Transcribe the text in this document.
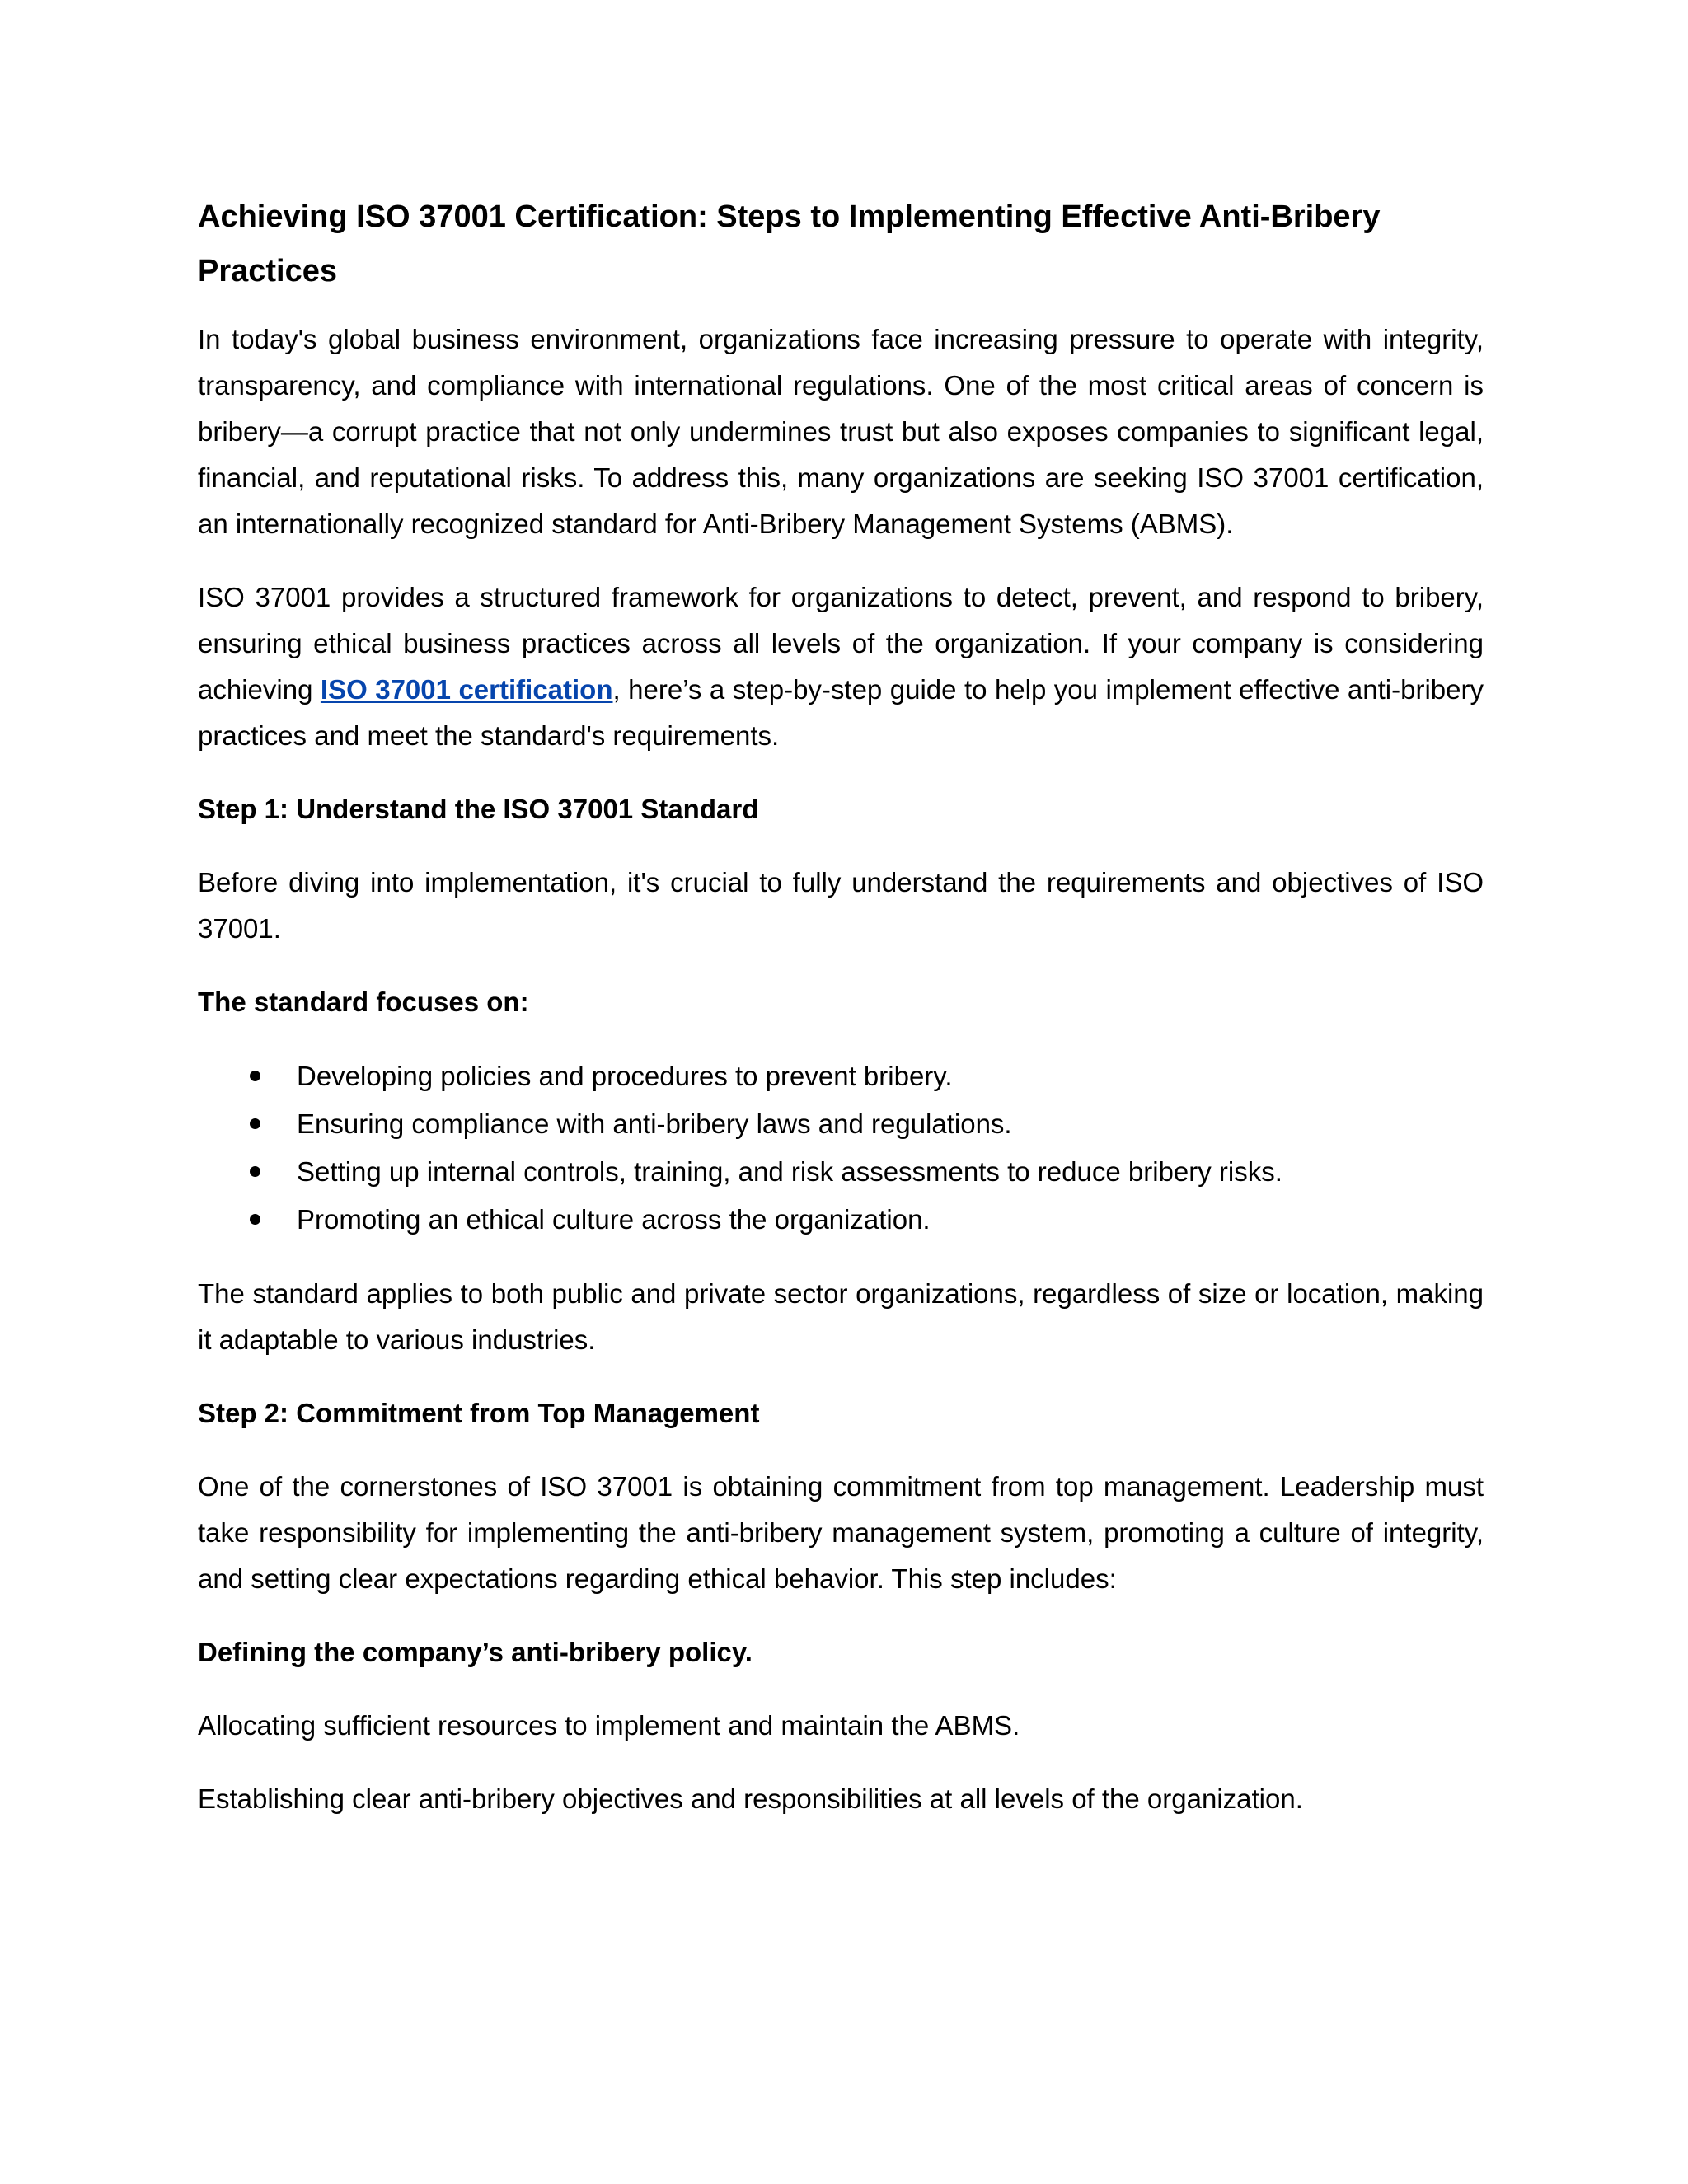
Achieving ISO 37001 Certification: Steps to Implementing Effective Anti-Bribery Practices

In today's global business environment, organizations face increasing pressure to operate with integrity, transparency, and compliance with international regulations. One of the most critical areas of concern is bribery—a corrupt practice that not only undermines trust but also exposes companies to significant legal, financial, and reputational risks. To address this, many organizations are seeking ISO 37001 certification, an internationally recognized standard for Anti-Bribery Management Systems (ABMS).

ISO 37001 provides a structured framework for organizations to detect, prevent, and respond to bribery, ensuring ethical business practices across all levels of the organization. If your company is considering achieving ISO 37001 certification, here’s a step-by-step guide to help you implement effective anti-bribery practices and meet the standard's requirements.

Step 1: Understand the ISO 37001 Standard

Before diving into implementation, it's crucial to fully understand the requirements and objectives of ISO 37001.

The standard focuses on:

Developing policies and procedures to prevent bribery.
Ensuring compliance with anti-bribery laws and regulations.
Setting up internal controls, training, and risk assessments to reduce bribery risks.
Promoting an ethical culture across the organization.

The standard applies to both public and private sector organizations, regardless of size or location, making it adaptable to various industries.

Step 2: Commitment from Top Management

One of the cornerstones of ISO 37001 is obtaining commitment from top management. Leadership must take responsibility for implementing the anti-bribery management system, promoting a culture of integrity, and setting clear expectations regarding ethical behavior. This step includes:

Defining the company’s anti-bribery policy.

Allocating sufficient resources to implement and maintain the ABMS.

Establishing clear anti-bribery objectives and responsibilities at all levels of the organization.
